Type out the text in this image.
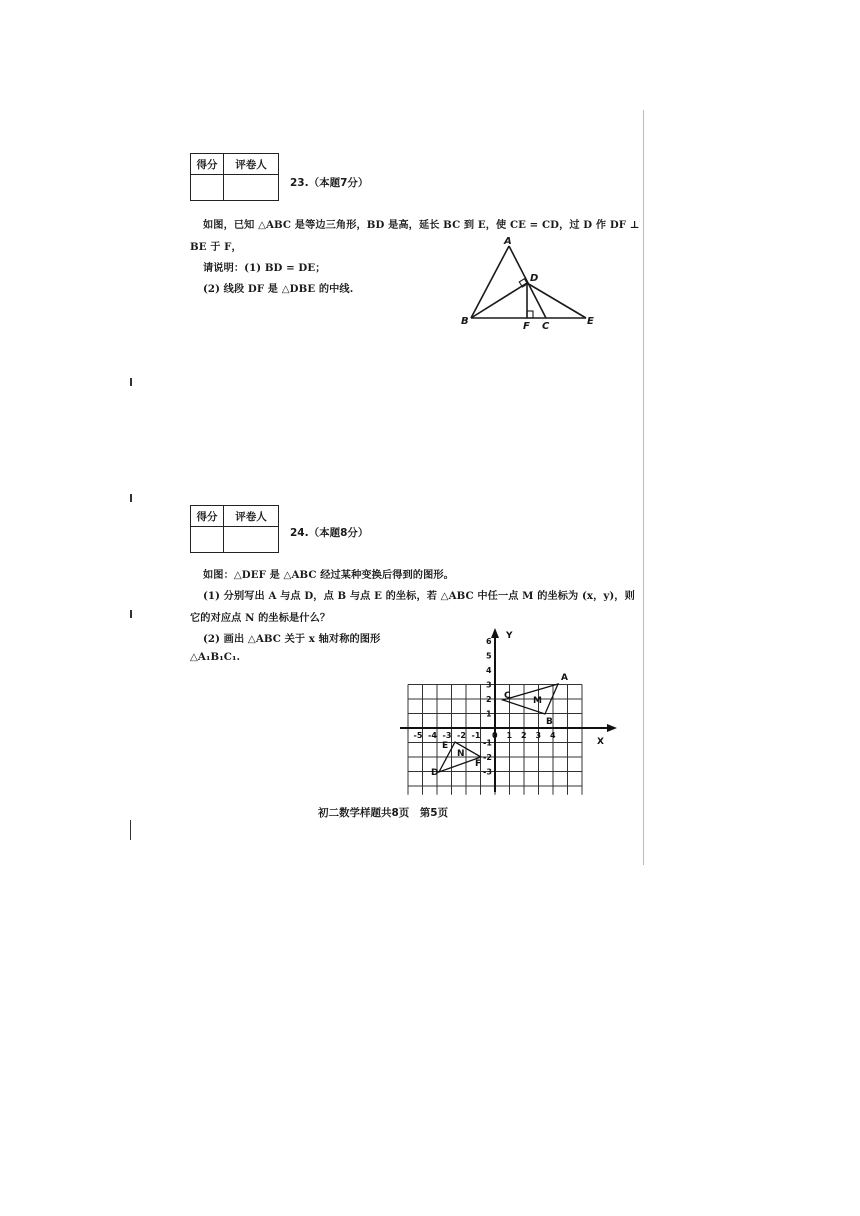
得分	评卷人

23.（本题7分）
如图，已知 △ABC 是等边三角形，BD 是高，延长 BC 到 E，使 CE = CD，过 D 作 DF ⊥
BE 于 F，
请说明：(1) BD = DE；
(2) 线段 DF 是 △DBE 的中线.
A
B	C
D
E
F
得分	评卷人

24.（本题8分）
如图：△DEF 是 △ABC 经过某种变换后得到的图形。
(1) 分别写出 A 与点 D，点 B 与点 E 的坐标，若 △ABC 中任一点 M 的坐标为 (x，y)，则
它的对应点 N 的坐标是什么？
(2) 画出 △ABC 关于 x 轴对称的图形
△A₁B₁C₁.
-5 -4 -3 -2 -1 0 1 2 3 4
6
5
4
3
2
1
-1
-2
-3
X
Y
A
B
C M
D
E
F
N
初二数学样题共8页　第5页
